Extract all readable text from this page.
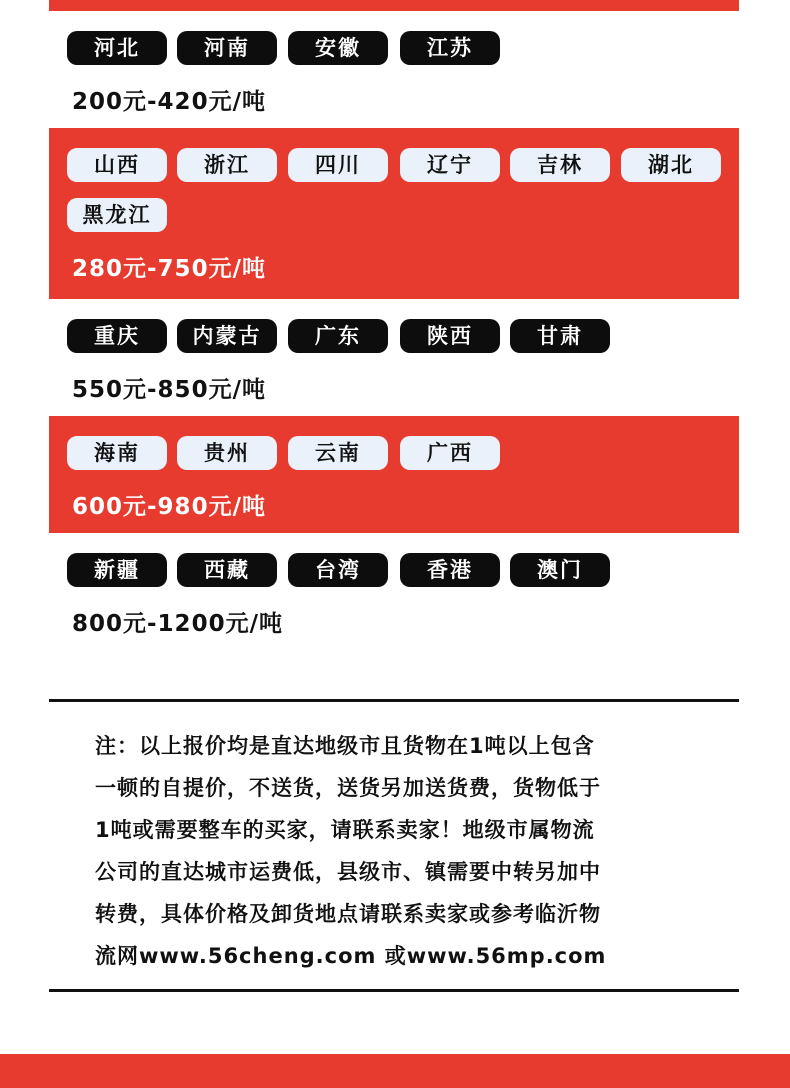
河北	河南	安徽	江苏
200元-420元/吨
山西	浙江	四川	辽宁	吉林	湖北
黑龙江
280元-750元/吨
重庆	内蒙古	广东	陕西	甘肃
550元-850元/吨
海南	贵州	云南	广西
600元-980元/吨
新疆	西藏	台湾	香港	澳门
800元-1200元/吨
注：以上报价均是直达地级市且货物在1吨以上包含
一顿的自提价，不送货，送货另加送货费，货物低于
1吨或需要整车的买家，请联系卖家！地级市属物流
公司的直达城市运费低，县级市、镇需要中转另加中
转费，具体价格及卸货地点请联系卖家或参考临沂物
流网www.56cheng.com 或www.56mp.com
